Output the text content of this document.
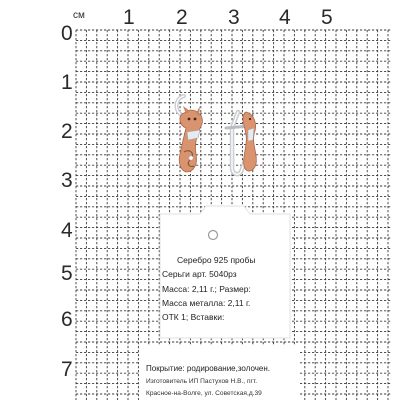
см 1 2 3 4 5
0
1
2
3
4
5
6
7
Серебро 925 пробы
Серьги арт. 5040рз
Масса: 2,11 г.; Размер:
Масса металла: 2,11 г.
ОТК 1; Вставки:
Покрытие: родирование,золочен.
Изготовитель ИП Пастухов Н.В., пгт.
Красное-на-Волге, ул. Советская,д.39
